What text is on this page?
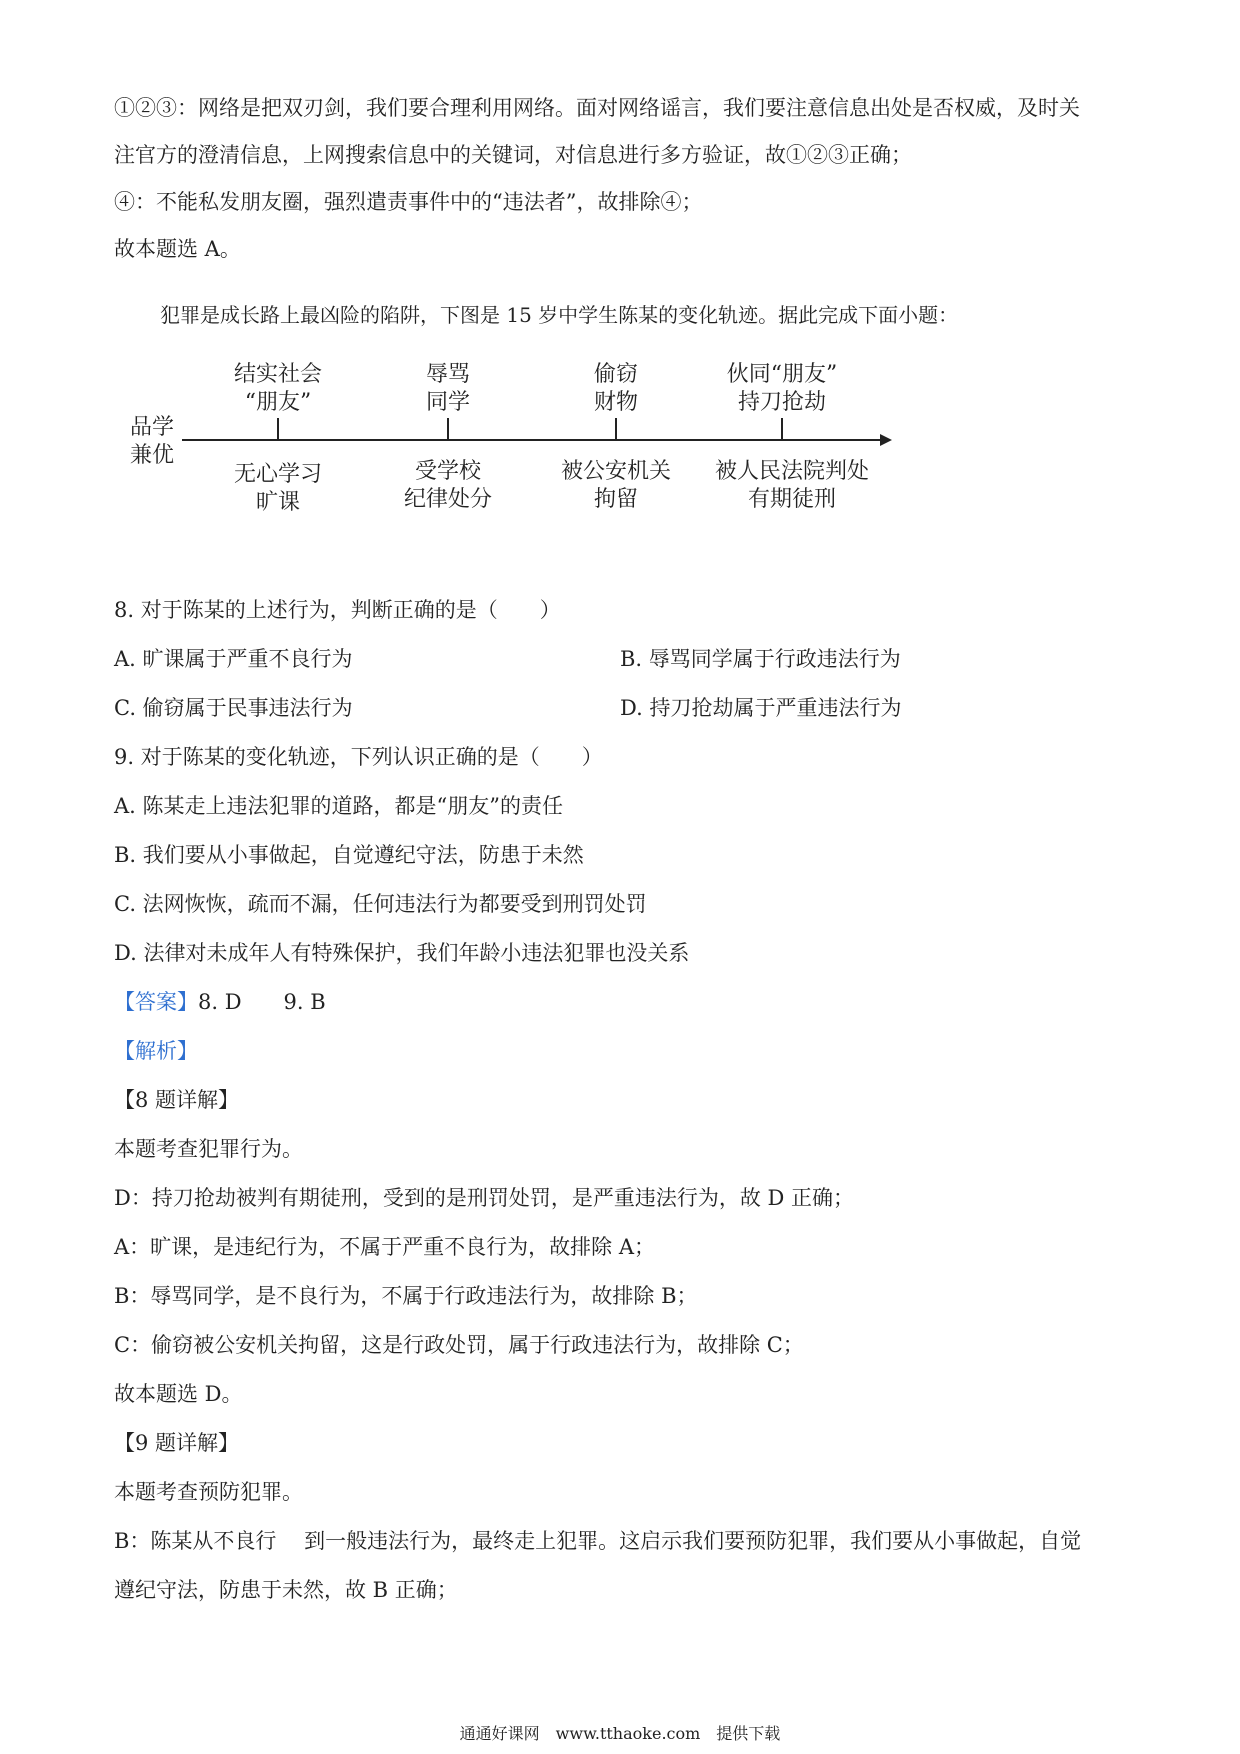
①②③：网络是把双刃剑，我们要合理利用网络。面对网络谣言，我们要注意信息出处是否权威，及时关
注官方的澄清信息，上网搜索信息中的关键词，对信息进行多方验证，故①②③正确；
④：不能私发朋友圈，强烈遣责事件中的“违法者”，故排除④；
故本题选 A。
犯罪是成长路上最凶险的陷阱，下图是 15 岁中学生陈某的变化轨迹。据此完成下面小题：
品学
兼优
结实社会
“朋友”
辱骂
同学
偷窃
财物
伙同“朋友”
持刀抢劫
无心学习
旷课
受学校
纪律处分
被公安机关
拘留
被人民法院判处
有期徒刑
8. 对于陈某的上述行为，判断正确的是（　　）
A. 旷课属于严重不良行为	B. 辱骂同学属于行政违法行为
C. 偷窃属于民事违法行为	D. 持刀抢劫属于严重违法行为
9. 对于陈某的变化轨迹，下列认识正确的是（　　）
A. 陈某走上违法犯罪的道路，都是“朋友”的责任
B. 我们要从小事做起，自觉遵纪守法，防患于未然
C. 法网恢恢，疏而不漏，任何违法行为都要受到刑罚处罚
D. 法律对未成年人有特殊保护，我们年龄小违法犯罪也没关系
【答案】8. D　　9. B
【解析】
【8 题详解】
本题考查犯罪行为。
D：持刀抢劫被判有期徒刑，受到的是刑罚处罚，是严重违法行为，故 D 正确；
A：旷课，是违纪行为，不属于严重不良行为，故排除 A；
B：辱骂同学，是不良行为，不属于行政违法行为，故排除 B；
C：偷窃被公安机关拘留，这是行政处罚，属于行政违法行为，故排除 C；
故本题选 D。
【9 题详解】
本题考查预防犯罪。
B：陈某从不良行　 到一般违法行为，最终走上犯罪。这启示我们要预防犯罪，我们要从小事做起，自觉
遵纪守法，防患于未然，故 B 正确；
通通好课网　www.tthaoke.com　提供下载
